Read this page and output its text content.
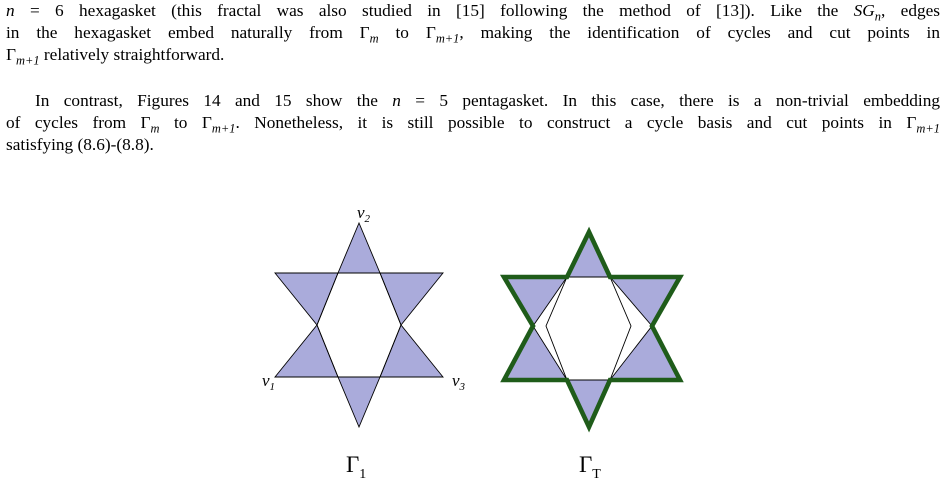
n = 6 hexagasket (this fractal was also studied in [15] following the method of [13]). Like the $SG_n$, edges
in the hexagasket embed naturally from $\Gamma_m$ to $\Gamma_{m+1}$, making the identification of cycles and cut points in
$\Gamma_{m+1}$ relatively straightforward.

In contrast, Figures 14 and 15 show the n = 5 pentagasket. In this case, there is a non-trivial embedding
of cycles from $\Gamma_m$ to $\Gamma_{m+1}$. Nonetheless, it is still possible to construct a cycle basis and cut points in $\Gamma_{m+1}$
satisfying (8.6)-(8.8).

$v_2$
$v_1$	$v_3$
$\Gamma_1$	$\Gamma_T$
